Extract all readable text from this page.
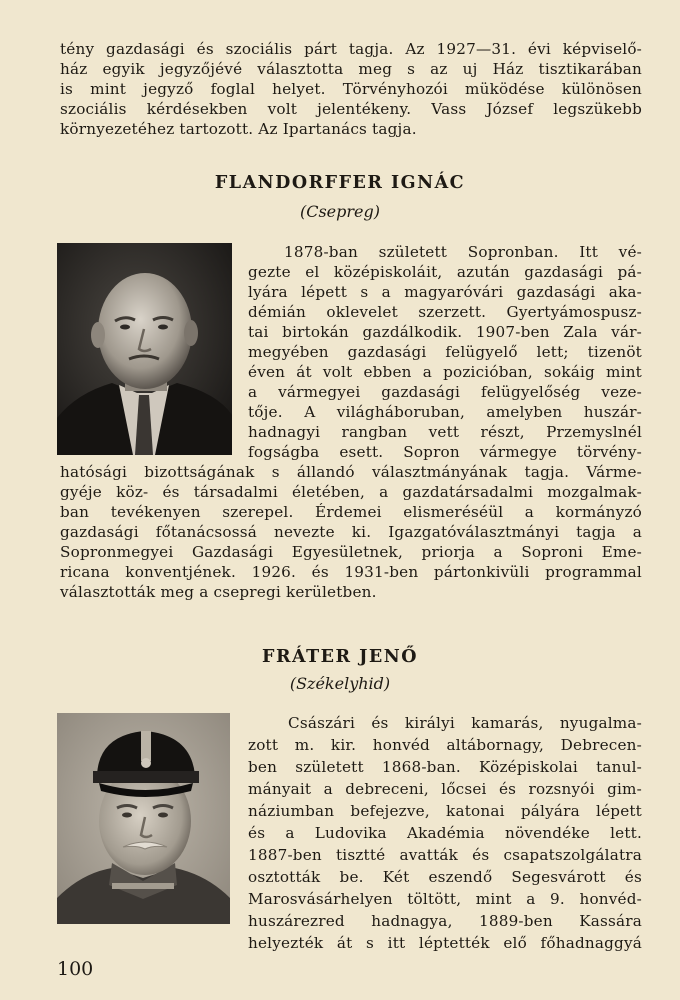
tény gazdasági és szociális párt tagja. Az 1927—31. évi képviselő-
ház egyik jegyzőjévé választotta meg s az uj Ház tisztikarában
is mint jegyző foglal helyet. Törvényhozói müködése különösen
szociális kérdésekben volt jelentékeny. Vass József legszükebb
környezetéhez tartozott. Az Ipartanács tagja.
FLANDORFFER IGNÁC
(Csepreg)
1878-ban született Sopronban. Itt vé-
gezte el középiskoláit, azután gazdasági pá-
lyára lépett s a magyaróvári gazdasági aka-
démián oklevelet szerzett. Gyertyámospusz-
tai birtokán gazdálkodik. 1907-ben Zala vár-
megyében gazdasági felügyelő lett; tizenöt
éven át volt ebben a pozicióban, sokáig mint
a vármegyei gazdasági felügyelőség veze-
tője. A világháboruban, amelyben huszár-
hadnagyi rangban vett részt, Przemyslnél
fogságba esett. Sopron vármegye törvény-
hatósági bizottságának s állandó választmányának tagja. Várme-
gyéje köz- és társadalmi életében, a gazdatársadalmi mozgalmak-
ban tevékenyen szerepel. Érdemei elismeréséül a kormányzó
gazdasági főtanácsossá nevezte ki. Igazgatóválasztmányi tagja a
Sopronmegyei Gazdasági Egyesületnek, priorja a Soproni Eme-
ricana konventjének. 1926. és 1931-ben pártonkivüli programmal
választották meg a csepregi kerületben.
FRÁTER JENŐ
(Székelyhid)
Császári és királyi kamarás, nyugalma-
zott m. kir. honvéd altábornagy, Debrecen-
ben született 1868-ban. Középiskolai tanul-
mányait a debreceni, lőcsei és rozsnyói gim-
náziumban befejezve, katonai pályára lépett
és a Ludovika Akadémia növendéke lett.
1887-ben tisztté avatták és csapatszolgálatra
osztották be. Két eszendő Segesvárott és
Marosvásárhelyen töltött, mint a 9. honvéd-
huszárezred hadnagya, 1889-ben Kassára
helyezték át s itt léptették elő főhadnaggyá
100
